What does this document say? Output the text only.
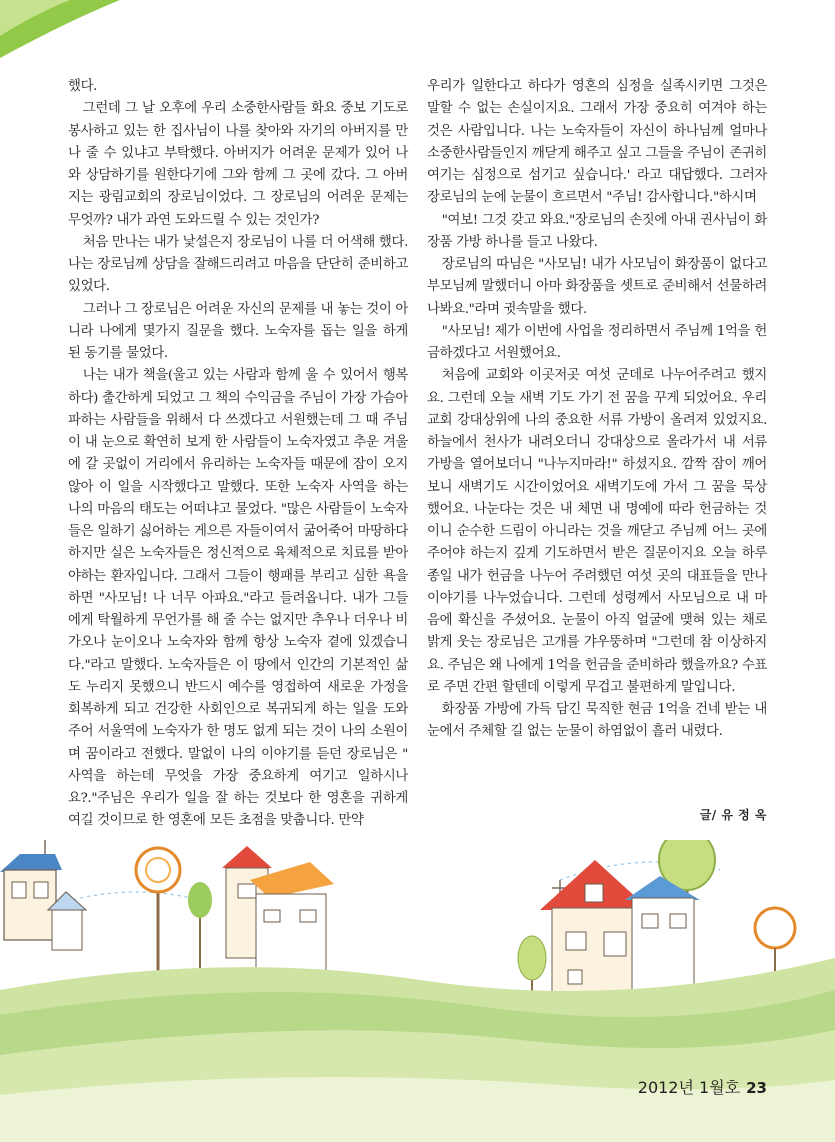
했다.

그런데 그 날 오후에 우리 소중한사람들 화요 중보 기도로 봉사하고 있는 한 집사님이 나를 찾아와 자기의 아버지를 만나 줄 수 있냐고 부탁했다. 아버지가 어려운 문제가 있어 나와 상담하기를 원한다기에 그와 함께 그 곳에 갔다. 그 아버지는 광림교회의 장로님이었다. 그 장로님의 어려운 문제는 무엇까? 내가 과연 도와드릴 수 있는 것인가?

처음 만나는 내가 낯설은지 장로님이 나를 더 어색해 했다. 나는 장로님께 상담을 잘해드리려고 마음을 단단히 준비하고 있었다.

그러나 그 장로님은 어려운 자신의 문제를 내 놓는 것이 아니라 나에게 몇가지 질문을 했다. 노숙자를 돕는 일을 하게 된 동기를 물었다.

나는 내가 책을(울고 있는 사람과 함께 울 수 있어서 행복하다) 출간하게 되었고 그 책의 수익금을 주님이 가장 가슴아파하는 사람들을 위해서 다 쓰겠다고 서원했는데 그 때 주님이 내 눈으로 확연히 보게 한 사람들이 노숙자였고 추운 겨울에 갈 곳없이 거리에서 유리하는 노숙자들 때문에 잠이 오지않아 이 일을 시작했다고 말했다. 또한 노숙자 사역을 하는 나의 마음의 태도는 어떠냐고 물었다. "많은 사람들이 노숙자들은 일하기 싫어하는 게으른 자들이여서 굶어죽어 마땅하다 하지만 실은 노숙자들은 정신적으로 육체적으로 치료를 받아야하는 환자입니다. 그래서 그들이 행패를 부리고 심한 욕을 하면 "사모님! 나 너무 아파요."라고 들려옵니다. 내가 그들에게 탁월하게 무언가를 해 줄 수는 없지만 추우나 더우나 비가오나 눈이오나 노숙자와 함께 항상 노숙자 곁에 있겠습니다."라고 말했다. 노숙자들은 이 땅에서 인간의 기본적인 삶도 누리지 못했으니 반드시 예수를 영접하여 새로운 가정을 회복하게 되고 건강한 사회인으로 복귀되게 하는 일을 도와주어 서울역에 노숙자가 한 명도 없게 되는 것이 나의 소원이며 꿈이라고 전했다. 말없이 나의 이야기를 듣던 장로님은 " 사역을 하는데 무엇을 가장 중요하게 여기고 일하시나요?."주님은 우리가 일을 잘 하는 것보다 한 영혼을 귀하게 여길 것이므로 한 영혼에 모든 초점을 맞춥니다. 만약

우리가 일한다고 하다가 영혼의 심정을 실족시키면 그것은 말할 수 없는 손실이지요. 그래서 가장 중요히 여겨야 하는 것은 사람입니다. 나는 노숙자들이 자신이 하나님께 얼마나 소중한사람들인지 깨닫게 해주고 싶고 그들을 주님이 존귀히 여기는 심정으로 섬기고 싶습니다.' 라고 대답했다. 그러자 장로님의 눈에 눈물이 흐르면서 "주님! 감사합니다."하시며

"여보! 그것 갖고 와요."장로님의 손짓에 아내 권사님이 화장품 가방 하나를 들고 나왔다.

장로님의 따님은 "사모님! 내가 사모님이 화장품이 없다고 부모님께 말했더니 아마 화장품을 셋트로 준비해서 선물하려나봐요."라며 귓속말을 했다.

"사모님! 제가 이번에 사업을 정리하면서 주님께 1억을 헌금하겠다고 서원했어요.

처음에 교회와 이곳저곳 여섯 군데로 나누어주려고 했지요. 그런데 오늘 새벽 기도 가기 전 꿈을 꾸게 되었어요. 우리 교회 강대상위에 나의 중요한 서류 가방이 올려져 있었지요. 하늘에서 천사가 내려오더니 강대상으로 올라가서 내 서류 가방을 열어보더니 "나누지마라!" 하셨지요. 깜짝 잠이 깨어 보니 새벽기도 시간이었어요 새벽기도에 가서 그 꿈을 묵상했어요. 나눈다는 것은 내 체면 내 명예에 따라 헌금하는 것이니 순수한 드림이 아니라는 것을 깨닫고 주님께 어느 곳에 주어야 하는지 깊게 기도하면서 받은 질문이지요 오늘 하루 종일 내가 헌금을 나누어 주려했던 여섯 곳의 대표들을 만나 이야기를 나누었습니다. 그런데 성령께서 사모님으로 내 마음에 확신을 주셨어요. 눈물이 아직 얼굴에 맺혀 있는 채로 밝게 웃는 장로님은 고개를 갸우뚱하며 "그런데 참 이상하지요. 주님은 왜 나에게 1억을 헌금을 준비하라 했을까요? 수표로 주면 간편 할텐데 이렇게 무겁고 불편하게 말입니다.

화장품 가방에 가득 담긴 묵직한 현금 1억을 건네 받는 내 눈에서 주체할 길 없는 눈물이 하염없이 흘러 내렸다.

글/ 유 정 옥
2012년 1월호 23
